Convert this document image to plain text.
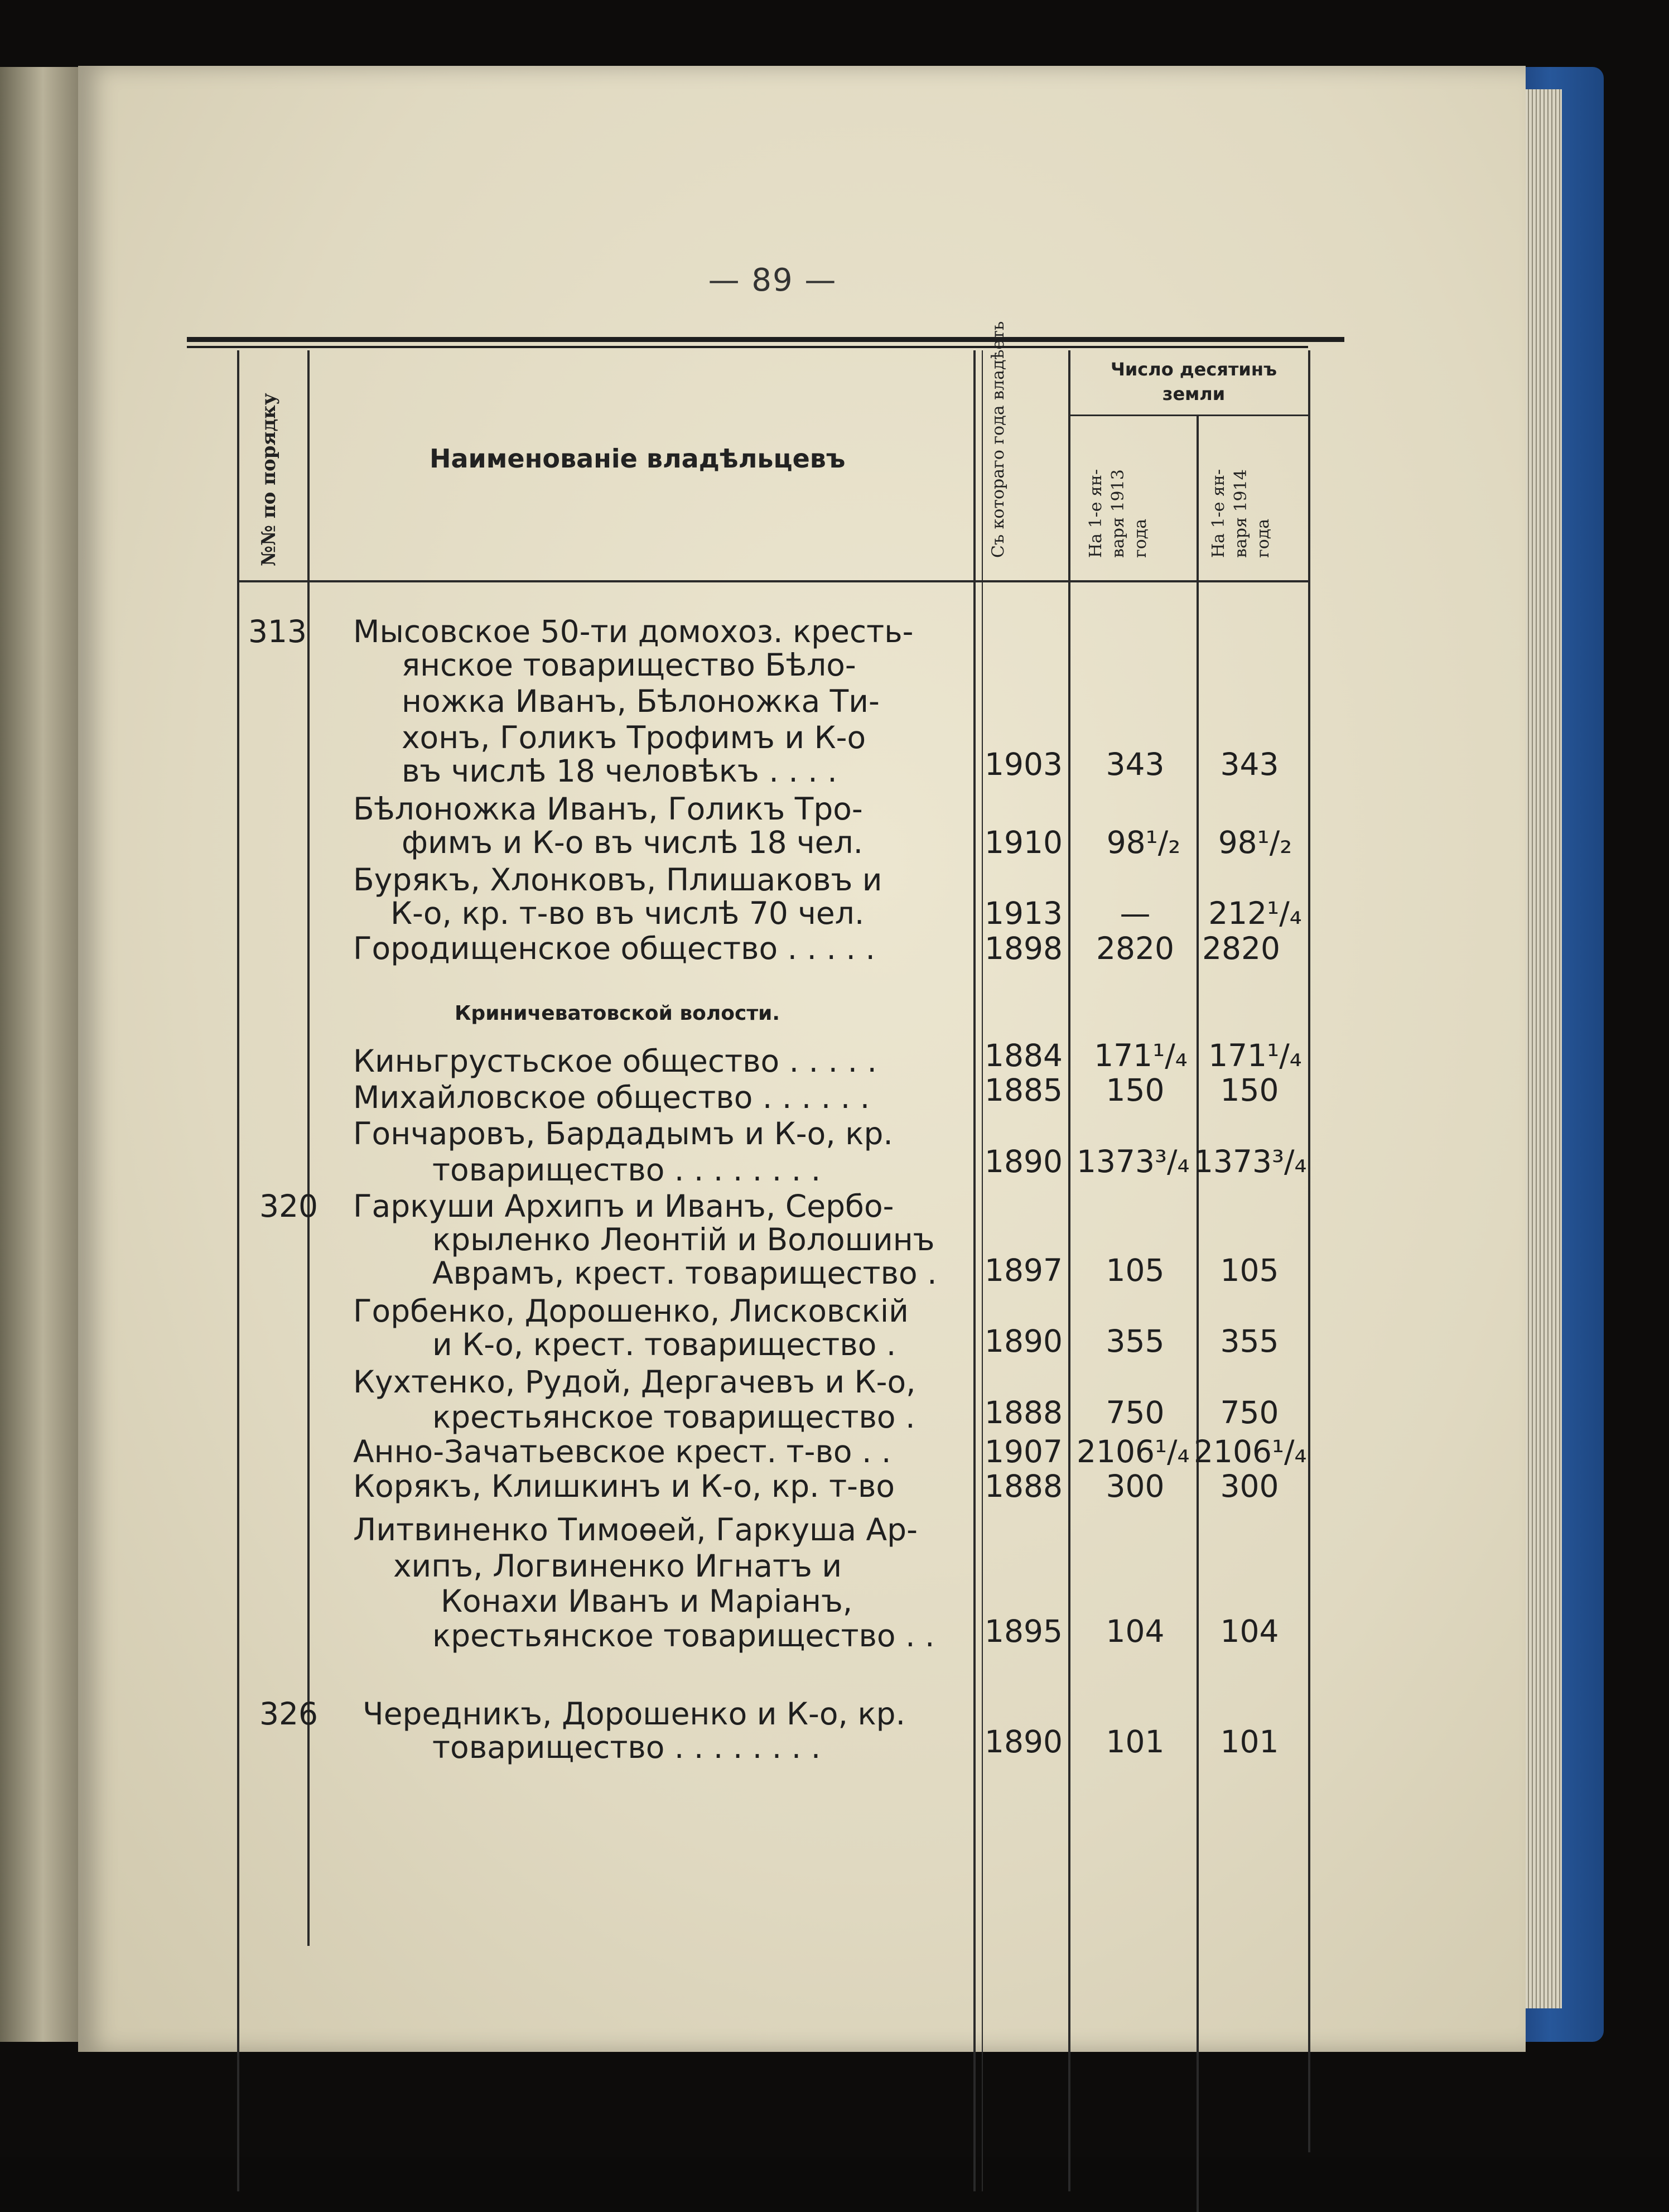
— 89 —
№№ по порядку	Наименованіе владѣльцевъ	Съ котораго года владѣеть	Число десятинъ земли
На 1-е ян- варя 1913 года	На 1-е ян- варя 1914 года
313 Мысовское 50-ти домохоз. кресть-
янское товарищество Бѣло-
ножка Иванъ, Бѣлоножка Ти-
хонъ, Голикъ Трофимъ и К-о
въ числѣ 18 человѣкъ . . . .	1903	343	343
Бѣлоножка Иванъ, Голикъ Тро-
фимъ и К-о въ числѣ 18 чел.	1910	98¹/₂	98¹/₂
Бурякъ, Хлонковъ, Плишаковъ и
К-о, кр. т-во въ числѣ 70 чел.	1913	—	212¹/₄
Городищенское общество . . . . .	1898	2820 2820
Криничеватовской волости.
Киньгрустьское общество . . . . .	1884 171¹/₄ 171¹/₄
Михайловское общество . . . . . .	1885	150	150
Гончаровъ, Бардадымъ и К-о, кр.
товарищество . . . . . . . .	1890 1373³/₄ 1373³/₄
320 Гаркуши Архипъ и Иванъ, Сербо-
крыленко Леонтій и Волошинъ
Аврамъ, крест. товарищество . 1897	105	105
Горбенко, Дорошенко, Лисковскій
и К-о, крест. товарищество .	1890	355	355
Кухтенко, Рудой, Дергачевъ и К-о,
крестьянское товарищество . 1888	750	750
Анно-Зачатьевское крест. т-во . .	1907 2106¹/₄ 2106¹/₄
Корякъ, Клишкинъ и К-о, кр. т-во	1888	300	300
Литвиненко Тимоѳей, Гаркуша Ар-
хипъ, Логвиненко Игнатъ и
Конахи Иванъ и Маріанъ,
крестьянское товарищество . . 1895	104	104
326 Чередникъ, Дорошенко и К-о, кр.
товарищество . . . . . . . .	1890	101	101
